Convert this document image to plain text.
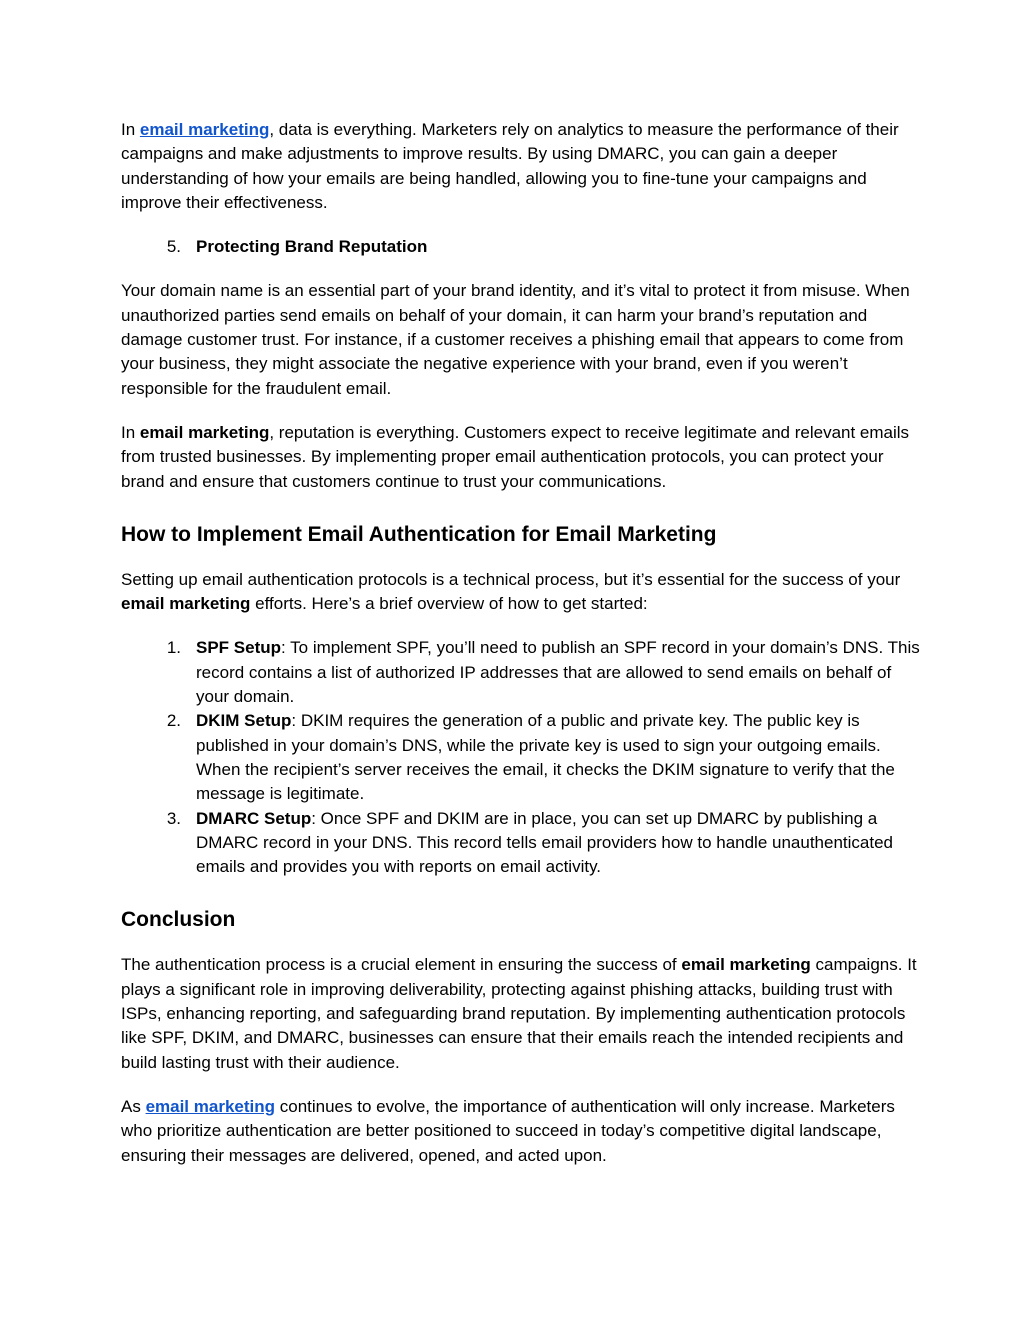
In email marketing, data is everything. Marketers rely on analytics to measure the performance of their campaigns and make adjustments to improve results. By using DMARC, you can gain a deeper understanding of how your emails are being handled, allowing you to fine-tune your campaigns and improve their effectiveness.

5. Protecting Brand Reputation

Your domain name is an essential part of your brand identity, and it’s vital to protect it from misuse. When unauthorized parties send emails on behalf of your domain, it can harm your brand’s reputation and damage customer trust. For instance, if a customer receives a phishing email that appears to come from your business, they might associate the negative experience with your brand, even if you weren’t responsible for the fraudulent email.

In email marketing, reputation is everything. Customers expect to receive legitimate and relevant emails from trusted businesses. By implementing proper email authentication protocols, you can protect your brand and ensure that customers continue to trust your communications.

How to Implement Email Authentication for Email Marketing

Setting up email authentication protocols is a technical process, but it’s essential for the success of your email marketing efforts. Here’s a brief overview of how to get started:

1. SPF Setup: To implement SPF, you’ll need to publish an SPF record in your domain’s DNS. This record contains a list of authorized IP addresses that are allowed to send emails on behalf of your domain.
2. DKIM Setup: DKIM requires the generation of a public and private key. The public key is published in your domain’s DNS, while the private key is used to sign your outgoing emails. When the recipient’s server receives the email, it checks the DKIM signature to verify that the message is legitimate.
3. DMARC Setup: Once SPF and DKIM are in place, you can set up DMARC by publishing a DMARC record in your DNS. This record tells email providers how to handle unauthenticated emails and provides you with reports on email activity.
Conclusion

The authentication process is a crucial element in ensuring the success of email marketing campaigns. It plays a significant role in improving deliverability, protecting against phishing attacks, building trust with ISPs, enhancing reporting, and safeguarding brand reputation. By implementing authentication protocols like SPF, DKIM, and DMARC, businesses can ensure that their emails reach the intended recipients and build lasting trust with their audience.

As email marketing continues to evolve, the importance of authentication will only increase. Marketers who prioritize authentication are better positioned to succeed in today’s competitive digital landscape, ensuring their messages are delivered, opened, and acted upon.
